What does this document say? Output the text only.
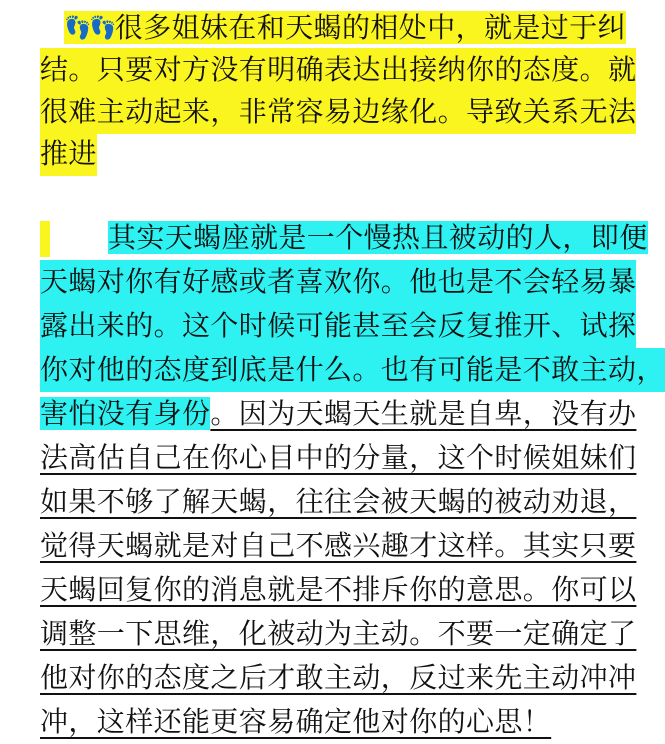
👣👣很多姐妹在和天蝎的相处中，就是过于纠
结。只要对方没有明确表达出接纳你的态度。就
很难主动起来，非常容易边缘化。导致关系无法
推进
其实天蝎座就是一个慢热且被动的人，即便
天蝎对你有好感或者喜欢你。他也是不会轻易暴
露出来的。这个时候可能甚至会反复推开、试探
你对他的态度到底是什么。也有可能是不敢主动，
害怕没有身份。因为天蝎天生就是自卑，没有办
法高估自己在你心目中的分量，这个时候姐妹们
如果不够了解天蝎，往往会被天蝎的被动劝退，
觉得天蝎就是对自己不感兴趣才这样。其实只要
天蝎回复你的消息就是不排斥你的意思。你可以
调整一下思维，化被动为主动。不要一定确定了
他对你的态度之后才敢主动，反过来先主动冲冲
冲，这样还能更容易确定他对你的心思！
